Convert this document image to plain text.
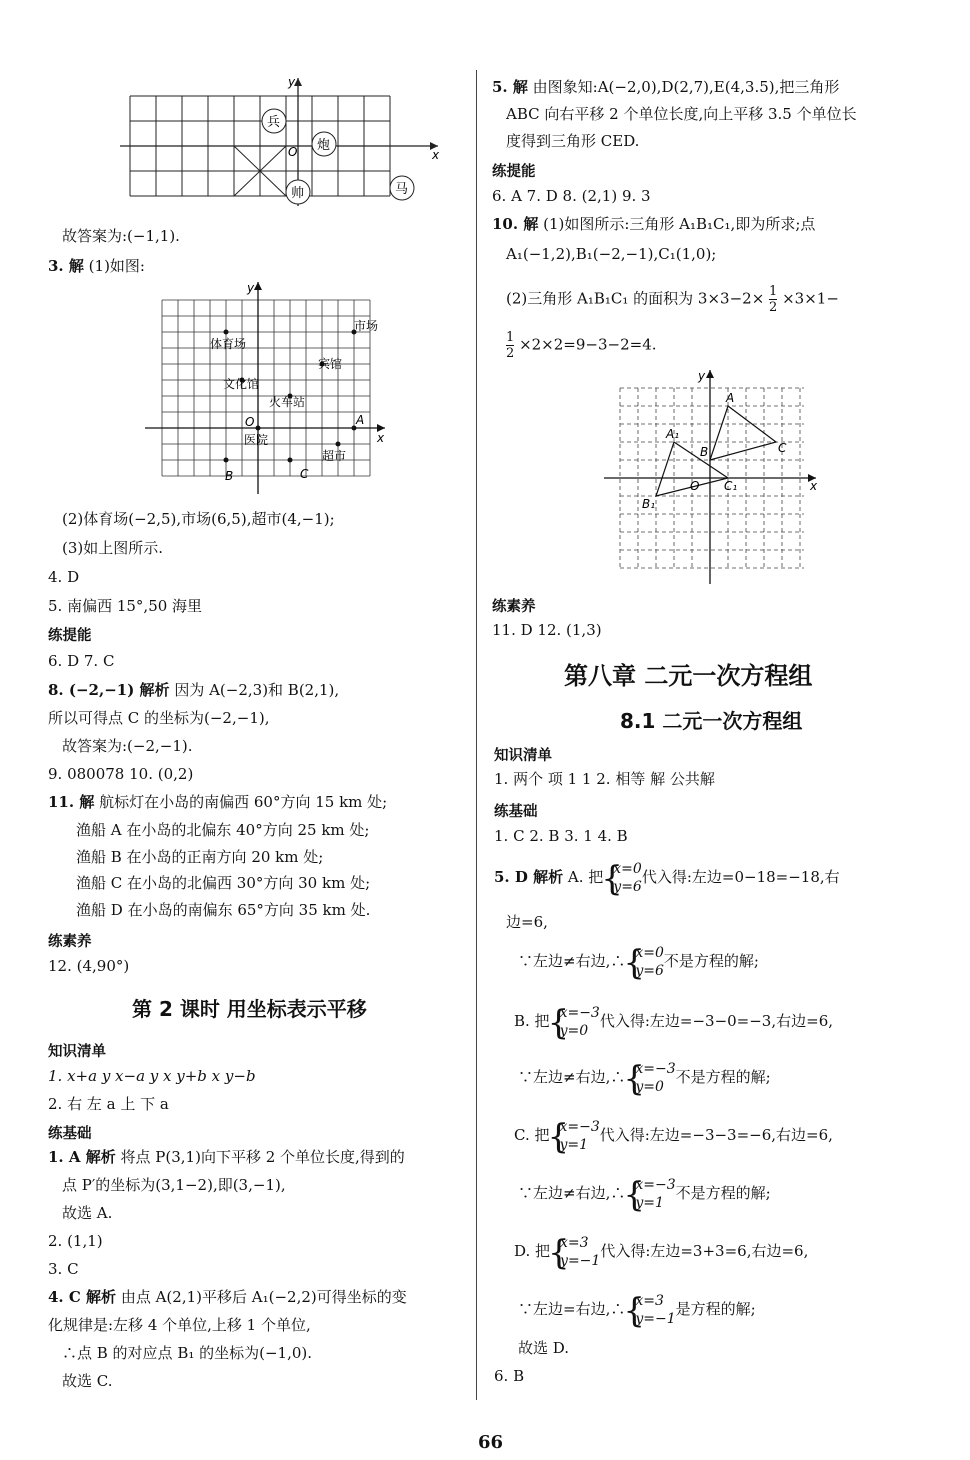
y
x
O
兵
炮
帅	马
故答案为:(−1,1).
3. 解 (1)如图:
y
x
市场
体育场
宾馆
文化馆
火车站
医院
超市
A
B	C
O
(2)体育场(−2,5),市场(6,5),超市(4,−1);
(3)如上图所示.
4. D
5. 南偏西 15°,50 海里
练提能
6. D 7. C
8. (−2,−1) 解析 因为 A(−2,3)和 B(2,1),
所以可得点 C 的坐标为(−2,−1),
故答案为:(−2,−1).
9. 080078 10. (0,2)
11. 解 航标灯在小岛的南偏西 60°方向 15 km 处;
渔船 A 在小岛的北偏东 40°方向 25 km 处;
渔船 B 在小岛的正南方向 20 km 处;
渔船 C 在小岛的北偏西 30°方向 30 km 处;
渔船 D 在小岛的南偏东 65°方向 35 km 处.
练素养
12. (4,90°)
第 2 课时 用坐标表示平移
知识清单
1. x+a y x−a y x y+b x y−b
2. 右 左 a 上 下 a
练基础
1. A 解析 将点 P(3,1)向下平移 2 个单位长度,得到的
点 P′的坐标为(3,1−2),即(3,−1),
故选 A.
2. (1,1)
3. C
4. C 解析 由点 A(2,1)平移后 A₁(−2,2)可得坐标的变
化规律是:左移 4 个单位,上移 1 个单位,
∴点 B 的对应点 B₁ 的坐标为(−1,0).
故选 C.
5. 解 由图象知:A(−2,0),D(2,7),E(4,3.5),把三角形
ABC 向右平移 2 个单位长度,向上平移 3.5 个单位长
度得到三角形 CED.
练提能
6. A 7. D 8. (2,1) 9. 3
10. 解 (1)如图所示:三角形 A₁B₁C₁,即为所求;点
A₁(−1,2),B₁(−2,−1),C₁(1,0);
(2)三角形 A₁B₁C₁ 的面积为 $3\times 3-2\times \frac{1}{2} \times 3\times 1-$
$\frac{1}{2} \times 2\times 2=9-3-2=4$.
y
x
A
A₁
B	C
B₁
O C₁
练素养
11. D 12. (1,3)
第八章 二元一次方程组
8.1 二元一次方程组
知识清单
1. 两个 项 1 1 2. 相等 解 公共解
练基础
1. C 2. B 3. 1 4. B
5. D 解析 A. 把 { x=0
y=6
代入得:左边=0−18=−18,右
边=6,
∵左边≠右边,∴ { x=0
y=6
不是方程的解;
B. 把 { x=−3
y=0
代入得:左边=−3−0=−3,右边=6,
∵左边≠右边,∴ { x=−3
y=0
不是方程的解;
C. 把 { x=−3
y=1
代入得:左边=−3−3=−6,右边=6,
∵左边≠右边,∴ { x=−3
y=1
不是方程的解;
D. 把 { x=3
y=−1
代入得:左边=3+3=6,右边=6,
∵左边=右边,∴ { x=3
y=−1
是方程的解;
故选 D.
6. B
66
